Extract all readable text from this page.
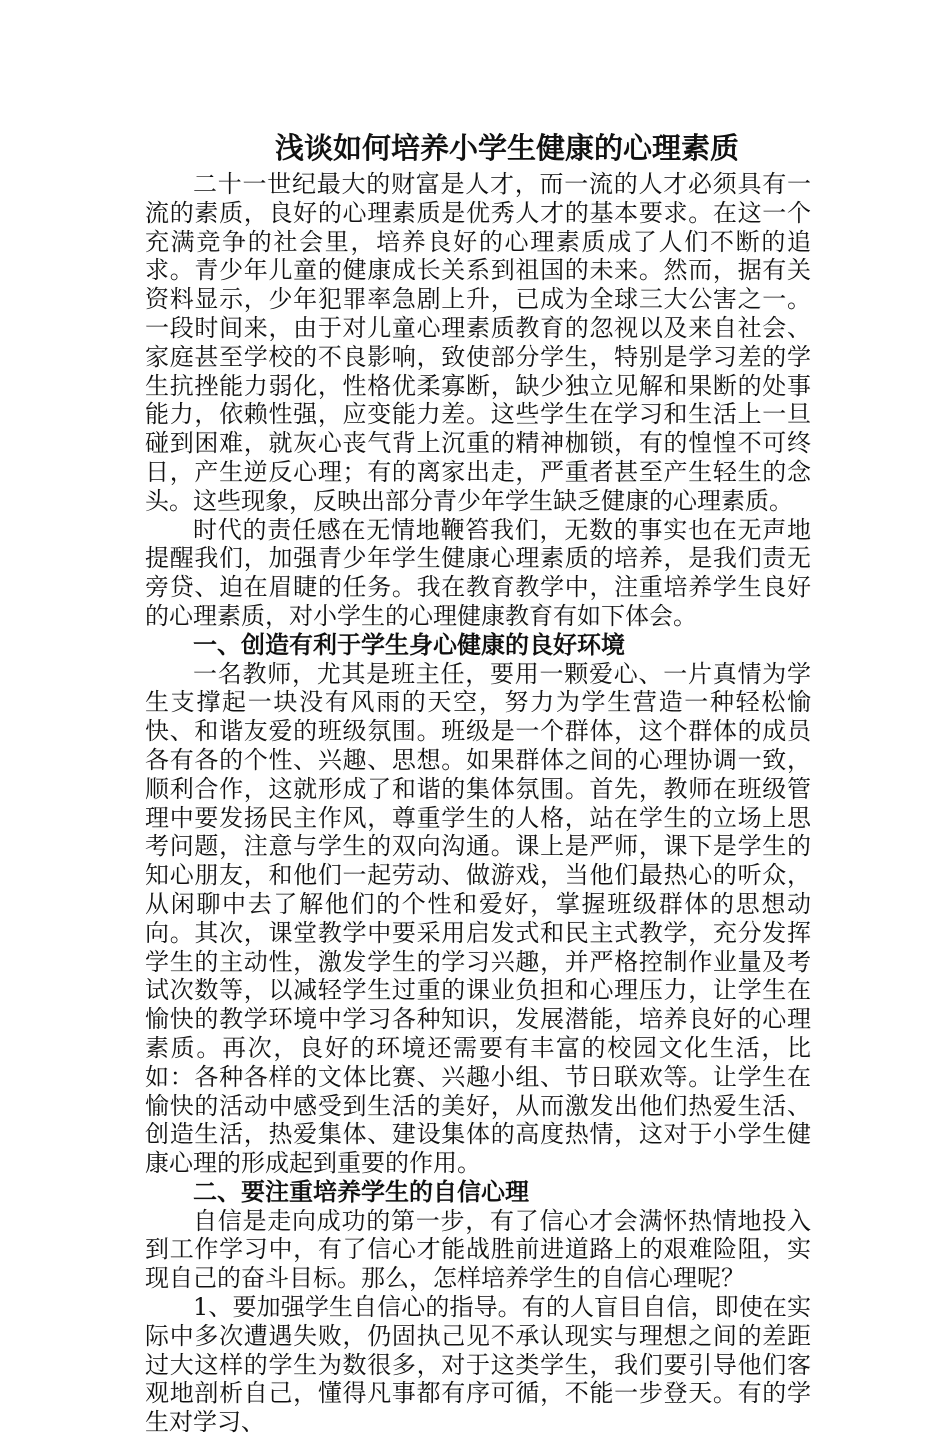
浅谈如何培养小学生健康的心理素质

二十一世纪最大的财富是人才，而一流的人才必须具有一流的素质，良好的心理素质是优秀人才的基本要求。在这一个充满竞争的社会里，培养良好的心理素质成了人们不断的追求。青少年儿童的健康成长关系到祖国的未来。然而，据有关资料显示，少年犯罪率急剧上升，已成为全球三大公害之一。一段时间来，由于对儿童心理素质教育的忽视以及来自社会、家庭甚至学校的不良影响，致使部分学生，特别是学习差的学生抗挫能力弱化，性格优柔寡断，缺少独立见解和果断的处事能力，依赖性强，应变能力差。这些学生在学习和生活上一旦碰到困难，就灰心丧气背上沉重的精神枷锁，有的惶惶不可终日，产生逆反心理；有的离家出走，严重者甚至产生轻生的念头。这些现象，反映出部分青少年学生缺乏健康的心理素质。

时代的责任感在无情地鞭笞我们，无数的事实也在无声地提醒我们，加强青少年学生健康心理素质的培养，是我们责无旁贷、迫在眉睫的任务。我在教育教学中，注重培养学生良好的心理素质，对小学生的心理健康教育有如下体会。

一、创造有利于学生身心健康的良好环境

一名教师，尤其是班主任，要用一颗爱心、一片真情为学生支撑起一块没有风雨的天空，努力为学生营造一种轻松愉快、和谐友爱的班级氛围。班级是一个群体，这个群体的成员各有各的个性、兴趣、思想。如果群体之间的心理协调一致，顺利合作，这就形成了和谐的集体氛围。首先，教师在班级管理中要发扬民主作风，尊重学生的人格，站在学生的立场上思考问题，注意与学生的双向沟通。课上是严师，课下是学生的知心朋友，和他们一起劳动、做游戏，当他们最热心的听众，从闲聊中去了解他们的个性和爱好，掌握班级群体的思想动向。其次，课堂教学中要采用启发式和民主式教学，充分发挥学生的主动性，激发学生的学习兴趣，并严格控制作业量及考试次数等，以减轻学生过重的课业负担和心理压力，让学生在愉快的教学环境中学习各种知识，发展潜能，培养良好的心理素质。再次，良好的环境还需要有丰富的校园文化生活，比如：各种各样的文体比赛、兴趣小组、节日联欢等。让学生在愉快的活动中感受到生活的美好，从而激发出他们热爱生活、创造生活，热爱集体、建设集体的高度热情，这对于小学生健康心理的形成起到重要的作用。

二、要注重培养学生的自信心理

自信是走向成功的第一步，有了信心才会满怀热情地投入到工作学习中，有了信心才能战胜前进道路上的艰难险阻，实现自己的奋斗目标。那么，怎样培养学生的自信心理呢？

1、要加强学生自信心的指导。有的人盲目自信，即使在实际中多次遭遇失败，仍固执己见不承认现实与理想之间的差距过大这样的学生为数很多，对于这类学生，我们要引导他们客观地剖析自己，懂得凡事都有序可循，不能一步登天。有的学生对学习、
